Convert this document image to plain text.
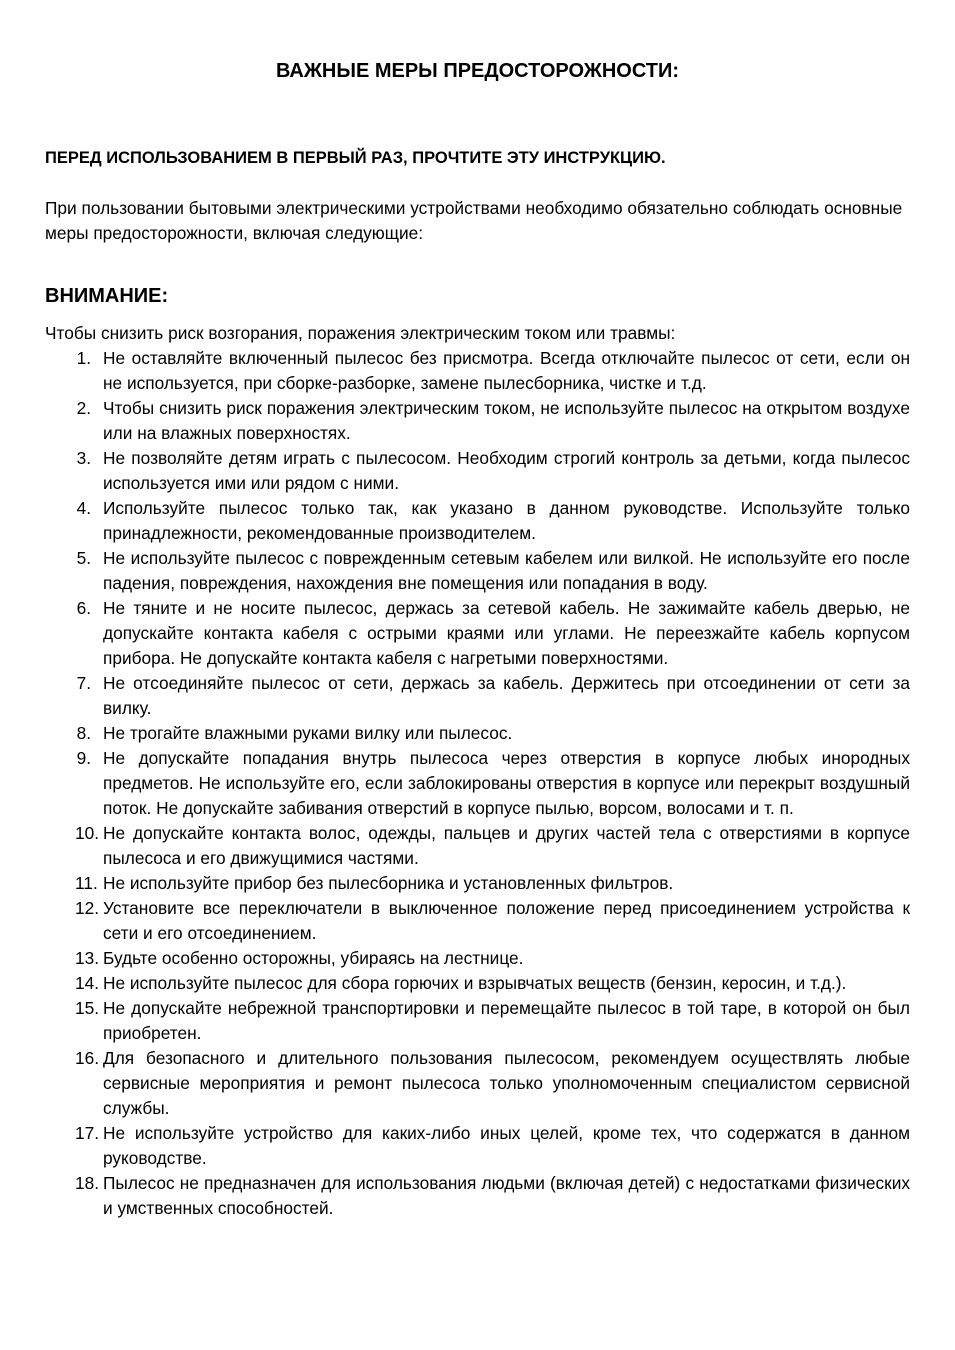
ВАЖНЫЕ МЕРЫ ПРЕДОСТОРОЖНОСТИ:
ПЕРЕД ИСПОЛЬЗОВАНИЕМ В ПЕРВЫЙ РАЗ, ПРОЧТИТЕ ЭТУ ИНСТРУКЦИЮ.

При пользовании бытовыми электрическими устройствами необходимо обязательно соблюдать основные меры предосторожности, включая следующие:

ВНИМАНИЕ:

Чтобы снизить риск возгорания, поражения электрическим током или травмы:

1. Не оставляйте включенный пылесос без присмотра. Всегда отключайте пылесос от сети, если он не используется, при сборке-разборке, замене пылесборника, чистке и т.д.
2. Чтобы снизить риск поражения электрическим током, не используйте пылесос на открытом воздухе или на влажных поверхностях.
3. Не позволяйте детям играть с пылесосом. Необходим строгий контроль за детьми, когда пылесос используется ими или рядом с ними.
4. Используйте пылесос только так, как указано в данном руководстве. Используйте только принадлежности, рекомендованные производителем.
5. Не используйте пылесос с поврежденным сетевым кабелем или вилкой. Не используйте его после падения, повреждения, нахождения вне помещения или попадания в воду.
6. Не тяните и не носите пылесос, держась за сетевой кабель. Не зажимайте кабель дверью, не допускайте контакта кабеля с острыми краями или углами. Не переезжайте кабель корпусом прибора. Не допускайте контакта кабеля с нагретыми поверхностями.
7. Не отсоединяйте пылесос от сети, держась за кабель. Держитесь при отсоединении от сети за вилку.
8. Не трогайте влажными руками вилку или пылесос.
9. Не допускайте попадания внутрь пылесоса через отверстия в корпусе любых инородных предметов. Не используйте его, если заблокированы отверстия в корпусе или перекрыт воздушный поток. Не допускайте забивания отверстий в корпусе пылью, ворсом, волосами и т. п.
10. Не допускайте контакта волос, одежды, пальцев и других частей тела с отверстиями в корпусе пылесоса и его движущимися частями.
11. Не используйте прибор без пылесборника и установленных фильтров.
12. Установите все переключатели в выключенное положение перед присоединением устройства к сети и его отсоединением.
13. Будьте особенно осторожны, убираясь на лестнице.
14. Не используйте пылесос для сбора горючих и взрывчатых веществ (бензин, керосин, и т.д.).
15. Не допускайте небрежной транспортировки и перемещайте пылесос в той таре, в которой он был приобретен.
16. Для безопасного и длительного пользования пылесосом, рекомендуем осуществлять любые сервисные мероприятия и ремонт пылесоса только уполномоченным специалистом сервисной службы.
17. Не используйте устройство для каких-либо иных целей, кроме тех, что содержатся в данном руководстве.
18. Пылесос не предназначен для использования людьми (включая детей) с недостатками физических и умственных способностей.
